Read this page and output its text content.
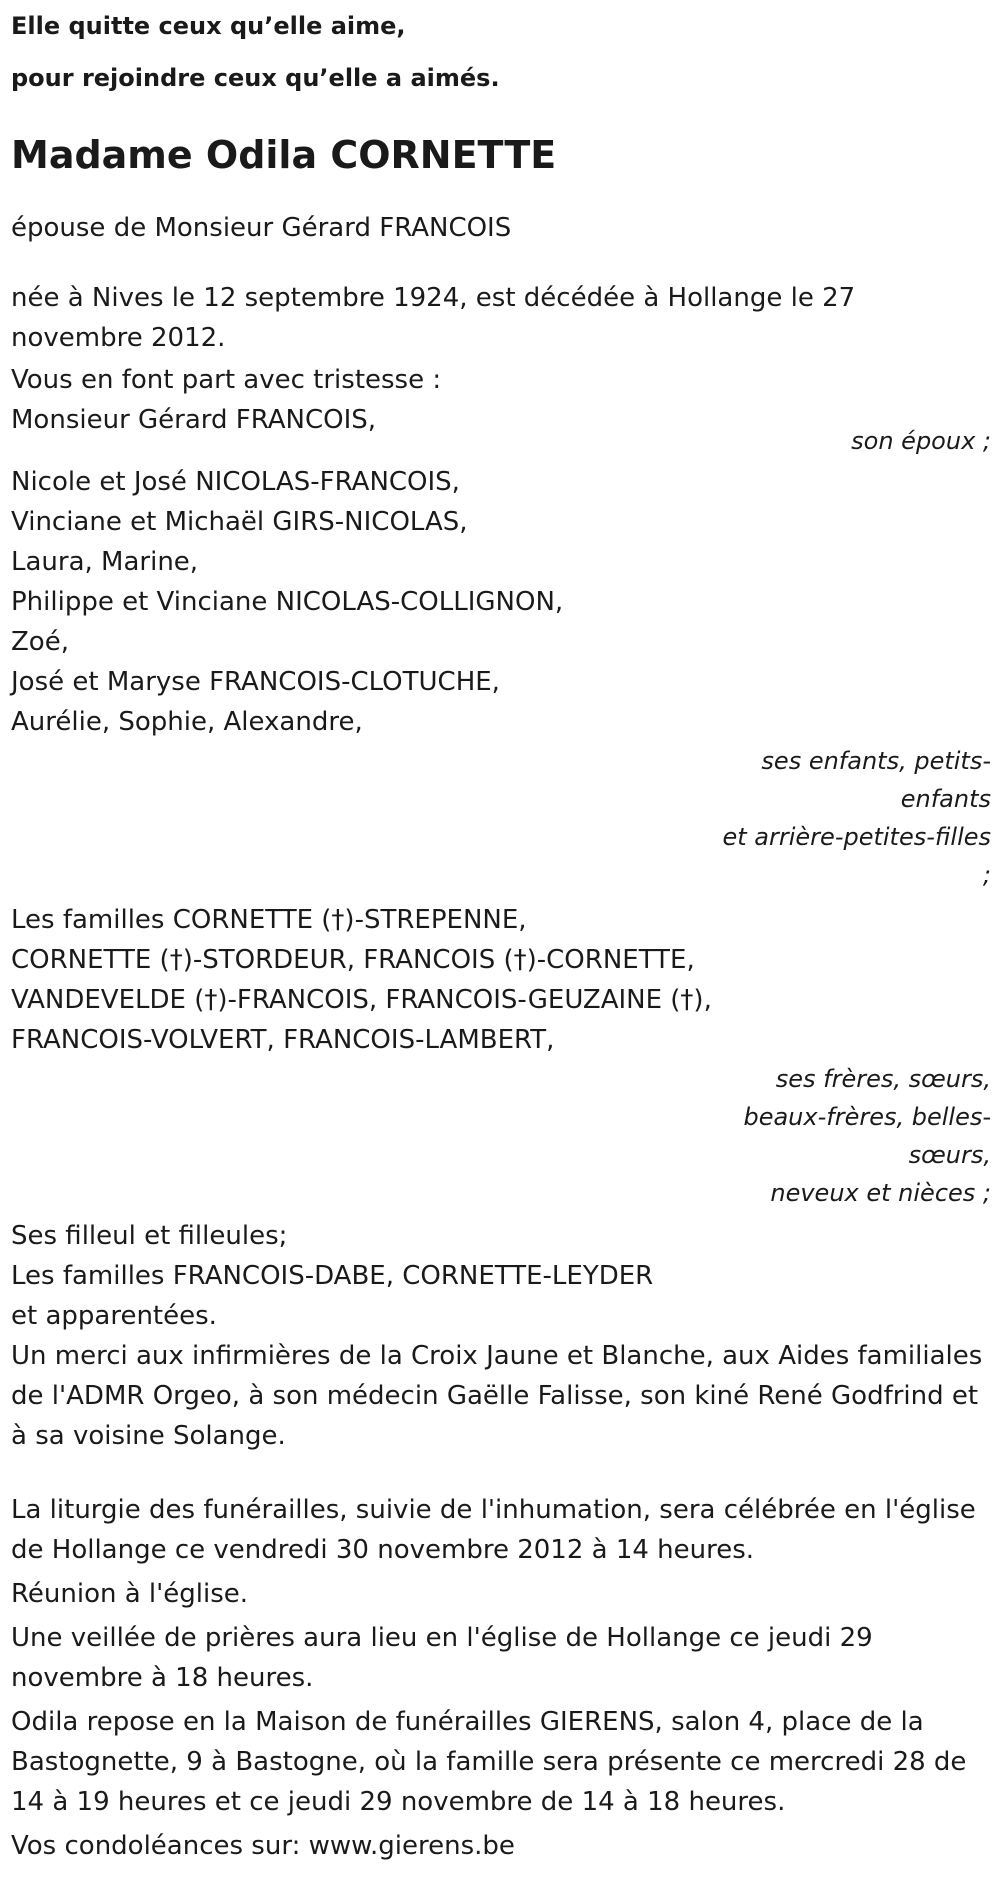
Elle quitte ceux qu’elle aime,
pour rejoindre ceux qu’elle a aimés.
Madame Odila CORNETTE
épouse de Monsieur Gérard FRANCOIS
née à Nives le 12 septembre 1924, est décédée à Hollange le 27 novembre 2012.
Vous en font part avec tristesse :
Monsieur Gérard FRANCOIS,
son époux ;
Nicole et José NICOLAS-FRANCOIS,
Vinciane et Michaël GIRS-NICOLAS,
Laura, Marine,
Philippe et Vinciane NICOLAS-COLLIGNON,
Zoé,
José et Maryse FRANCOIS-CLOTUCHE,
Aurélie, Sophie, Alexandre,
ses enfants, petits-enfants
et arrière-petites-filles ;
Les familles CORNETTE (†)-STREPENNE,
CORNETTE (†)-STORDEUR, FRANCOIS (†)-CORNETTE,
VANDEVELDE (†)-FRANCOIS, FRANCOIS-GEUZAINE (†),
FRANCOIS-VOLVERT, FRANCOIS-LAMBERT,
ses frères, sœurs,
beaux-frères, belles-sœurs,
neveux et nièces ;
Ses filleul et filleules;
Les familles FRANCOIS-DABE, CORNETTE-LEYDER
et apparentées.
Un merci aux infirmières de la Croix Jaune et Blanche, aux Aides familiales de l'ADMR Orgeo, à son médecin Gaëlle Falisse, son kiné René Godfrind et à sa voisine Solange.
La liturgie des funérailles, suivie de l'inhumation, sera célébrée en l'église de Hollange ce vendredi 30 novembre 2012 à 14 heures.
Réunion à l'église.
Une veillée de prières aura lieu en l'église de Hollange ce jeudi 29 novembre à 18 heures.
Odila repose en la Maison de funérailles GIERENS, salon 4, place de la Bastognette, 9 à Bastogne, où la famille sera présente ce mercredi 28 de 14 à 19 heures et ce jeudi 29 novembre de 14 à 18 heures.
Vos condoléances sur: www.gierens.be
